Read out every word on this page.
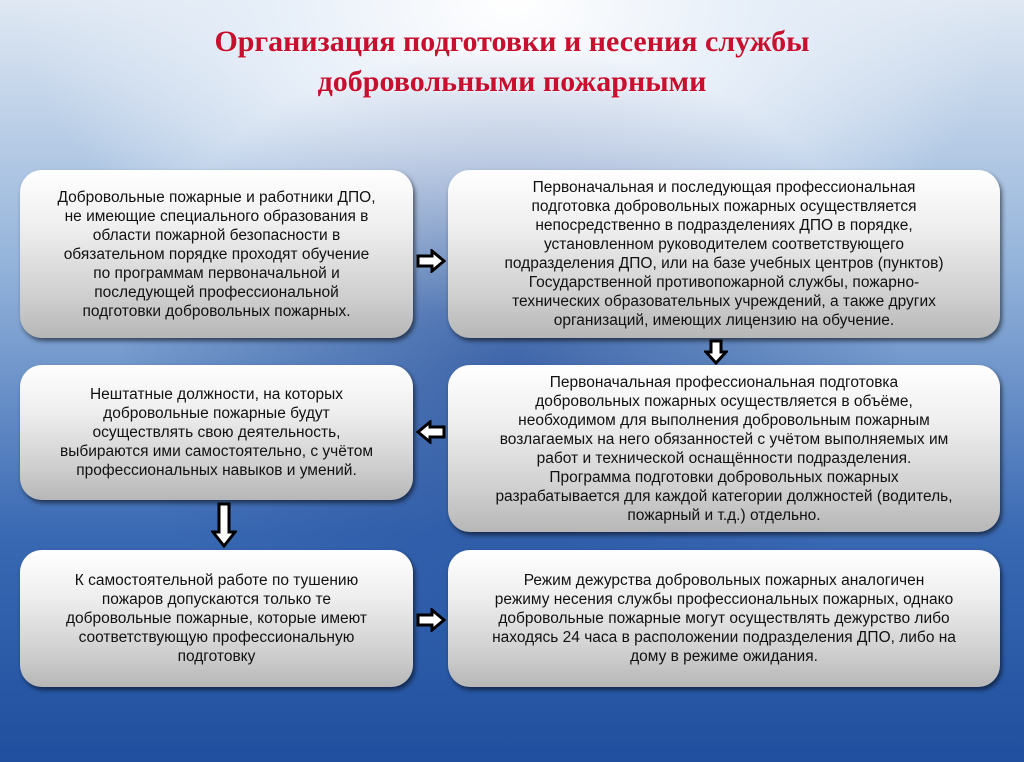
Организация подготовки и несения службы
добровольными пожарными
Добровольные пожарные и работники ДПО,
не имеющие специального образования в
области пожарной безопасности в
обязательном порядке проходят обучение
по программам первоначальной и
последующей профессиональной
подготовки добровольных пожарных.
Первоначальная и последующая профессиональная
подготовка добровольных пожарных осуществляется
непосредственно в подразделениях ДПО в порядке,
установленном руководителем соответствующего
подразделения ДПО, или на базе учебных центров (пунктов)
Государственной противопожарной службы, пожарно-
технических образовательных учреждений, а также других
организаций, имеющих лицензию на обучение.
Нештатные должности, на которых
добровольные пожарные будут
осуществлять свою деятельность,
выбираются ими самостоятельно, с учётом
профессиональных навыков и умений.
Первоначальная профессиональная подготовка
добровольных пожарных осуществляется в объёме,
необходимом для выполнения добровольным пожарным
возлагаемых на него обязанностей с учётом выполняемых им
работ и технической оснащённости подразделения.
Программа подготовки добровольных пожарных
разрабатывается для каждой категории должностей (водитель,
пожарный и т.д.) отдельно.
К самостоятельной работе по тушению
пожаров допускаются только те
добровольные пожарные, которые имеют
соответствующую профессиональную
подготовку
Режим дежурства добровольных пожарных аналогичен
режиму несения службы профессиональных пожарных, однако
добровольные пожарные могут осуществлять дежурство либо
находясь 24 часа в расположении подразделения ДПО, либо на
дому в режиме ожидания.
